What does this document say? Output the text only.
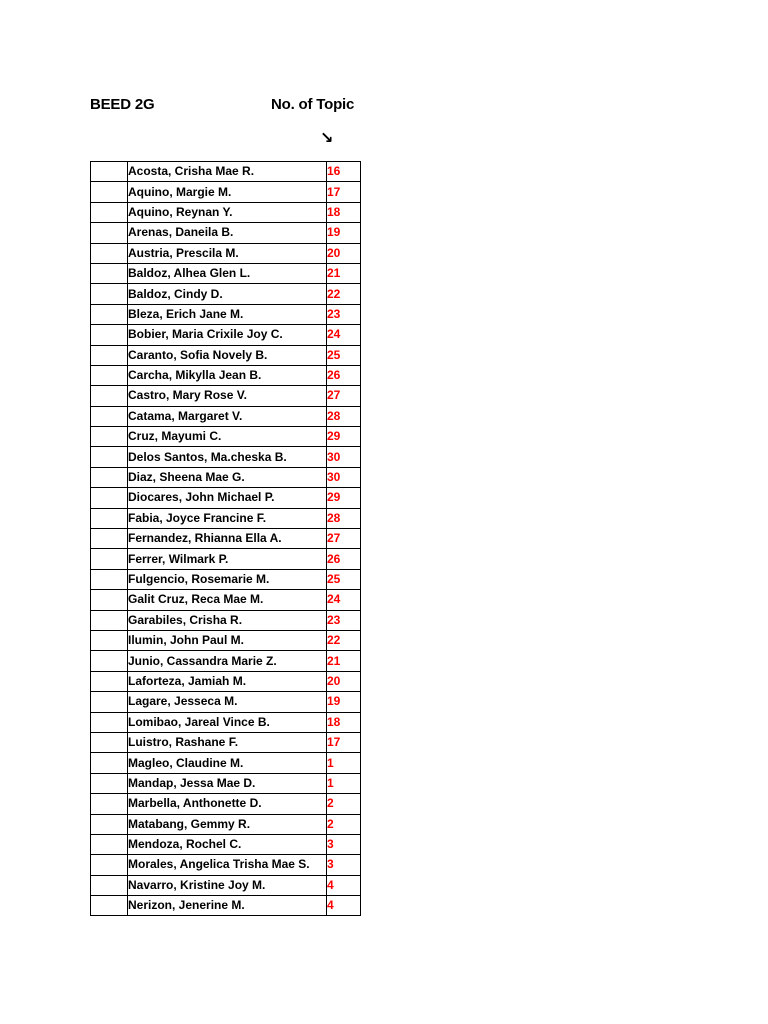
BEED 2G	No. of Topic
↘
	Acosta, Crisha Mae R.	16
	Aquino, Margie M.	17
	Aquino, Reynan Y.	18
	Arenas, Daneila B.	19
	Austria, Prescila M.	20
	Baldoz, Alhea Glen L.	21
	Baldoz, Cindy D.	22
	Bleza, Erich Jane M.	23
	Bobier, Maria Crixile Joy C.	24
	Caranto, Sofia Novely B.	25
	Carcha, Mikylla Jean B.	26
	Castro, Mary Rose V.	27
	Catama, Margaret V.	28
	Cruz, Mayumi C.	29
	Delos Santos, Ma.cheska B.	30
	Diaz, Sheena Mae G.	30
	Diocares, John Michael P.	29
	Fabia, Joyce Francine F.	28
	Fernandez, Rhianna Ella A.	27
	Ferrer, Wilmark P.	26
	Fulgencio, Rosemarie M.	25
	Galit Cruz, Reca Mae M.	24
	Garabiles, Crisha R.	23
	Ilumin, John Paul M.	22
	Junio, Cassandra Marie Z.	21
	Laforteza, Jamiah M.	20
	Lagare, Jesseca M.	19
	Lomibao, Jareal Vince B.	18
	Luistro, Rashane F.	17
	Magleo, Claudine M.	1
	Mandap, Jessa Mae D.	1
	Marbella, Anthonette D.	2
	Matabang, Gemmy R.	2
	Mendoza, Rochel C.	3
	Morales, Angelica Trisha Mae S.	3
	Navarro, Kristine Joy M.	4
	Nerizon, Jenerine M.	4
